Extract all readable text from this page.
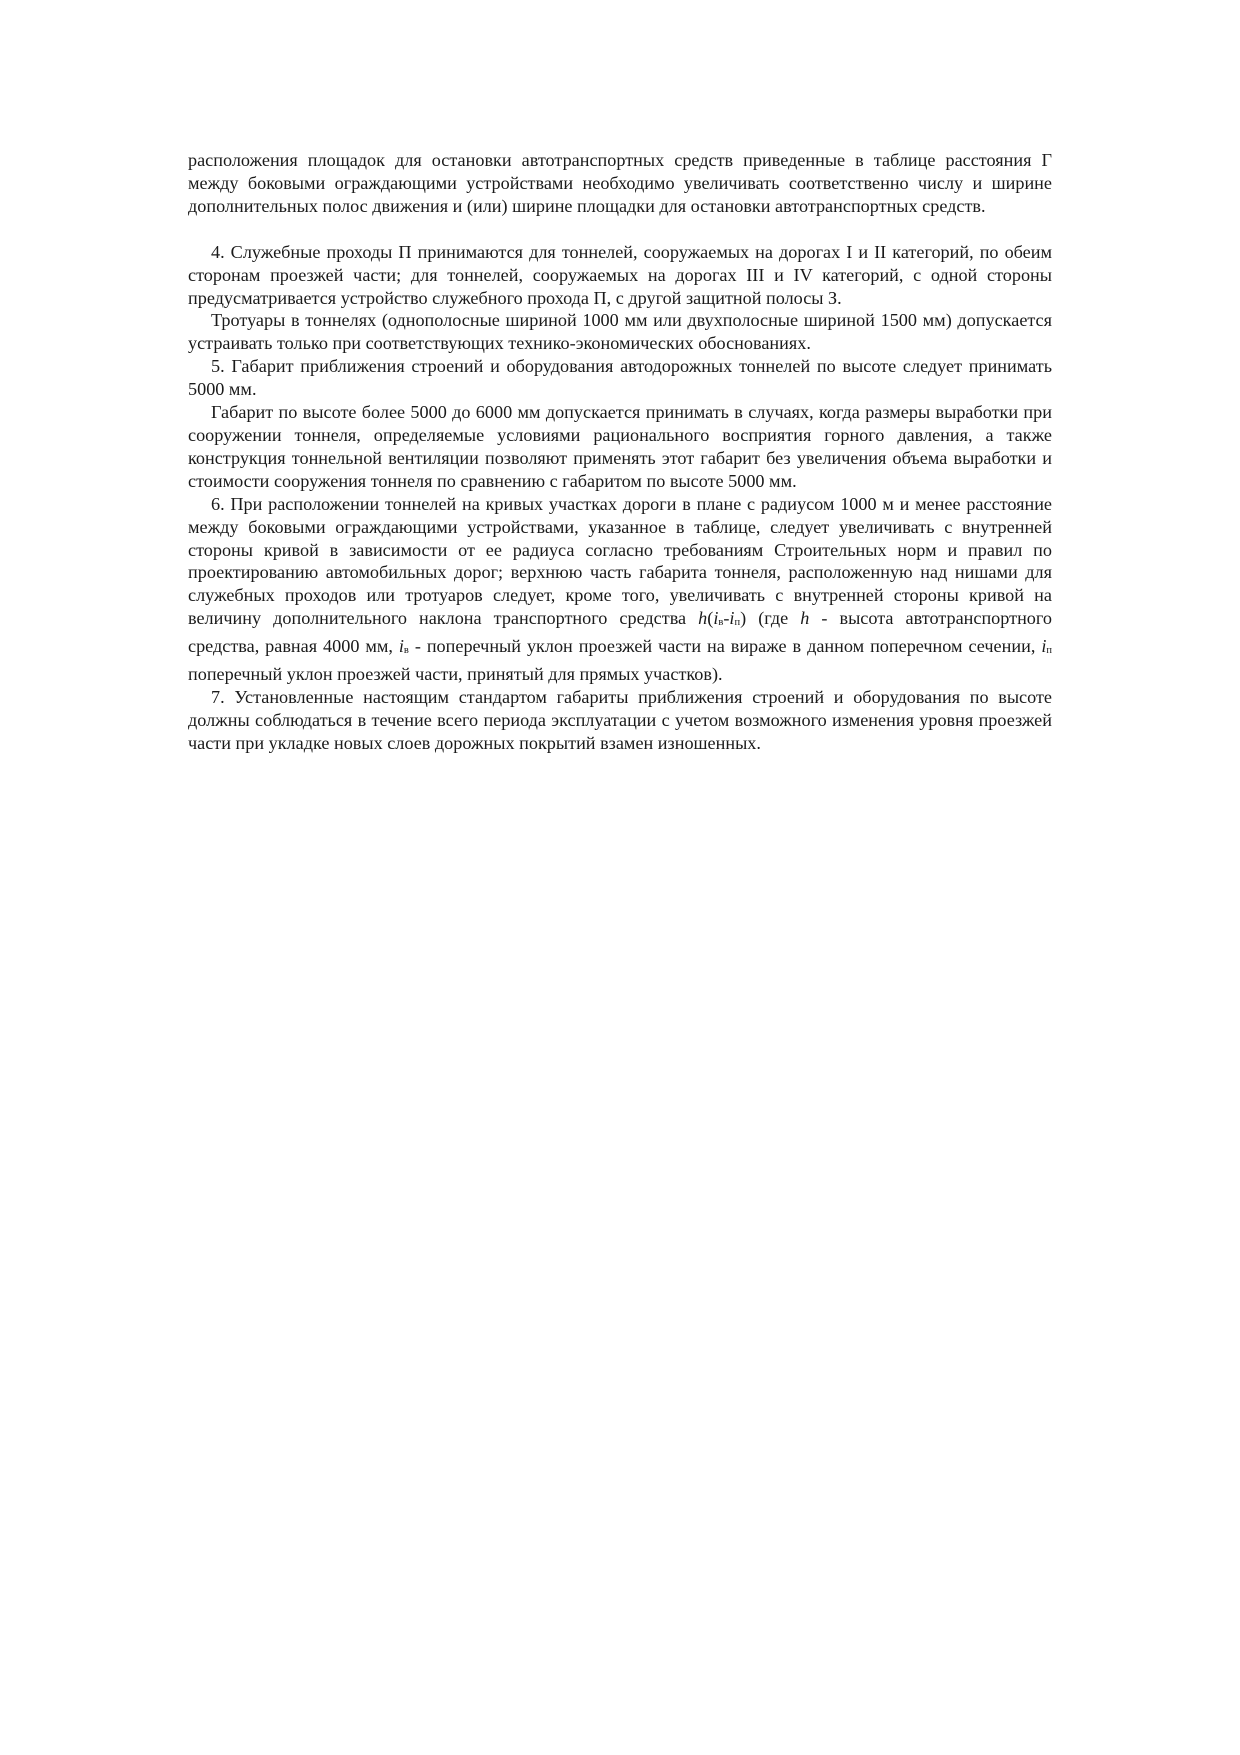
расположения площадок для остановки автотранспортных средств приведенные в таблице расстояния Г между боковыми ограждающими устройствами необходимо увеличивать соответственно числу и ширине дополнительных полос движения и (или) ширине площадки для остановки автотранспортных средств.

4. Служебные проходы П принимаются для тоннелей, сооружаемых на дорогах I и II категорий, по обеим сторонам проезжей части; для тоннелей, сооружаемых на дорогах III и IV категорий, с одной стороны предусматривается устройство служебного прохода П, с другой защитной полосы З.

Тротуары в тоннелях (однополосные шириной 1000 мм или двухполосные шириной 1500 мм) допускается устраивать только при соответствующих технико-экономических обоснованиях.

5. Габарит приближения строений и оборудования автодорожных тоннелей по высоте следует принимать 5000 мм.

Габарит по высоте более 5000 до 6000 мм допускается принимать в случаях, когда размеры выработки при сооружении тоннеля, определяемые условиями рационального восприятия горного давления, а также конструкция тоннельной вентиляции позволяют применять этот габарит без увеличения объема выработки и стоимости сооружения тоннеля по сравнению с габаритом по высоте 5000 мм.

6. При расположении тоннелей на кривых участках дороги в плане с радиусом 1000 м и менее расстояние между боковыми ограждающими устройствами, указанное в таблице, следует увеличивать с внутренней стороны кривой в зависимости от ее радиуса согласно требованиям Строительных норм и правил по проектированию автомобильных дорог; верхнюю часть габарита тоннеля, расположенную над нишами для служебных проходов или тротуаров следует, кроме того, увеличивать с внутренней стороны кривой на величину дополнительного наклона транспортного средства h(iв-iп) (где h - высота автотранспортного средства, равная 4000 мм, iв - поперечный уклон проезжей части на вираже в данном поперечном сечении, iп поперечный уклон проезжей части, принятый для прямых участков).

7. Установленные настоящим стандартом габариты приближения строений и оборудования по высоте должны соблюдаться в течение всего периода эксплуатации с учетом возможного изменения уровня проезжей части при укладке новых слоев дорожных покрытий взамен изношенных.
